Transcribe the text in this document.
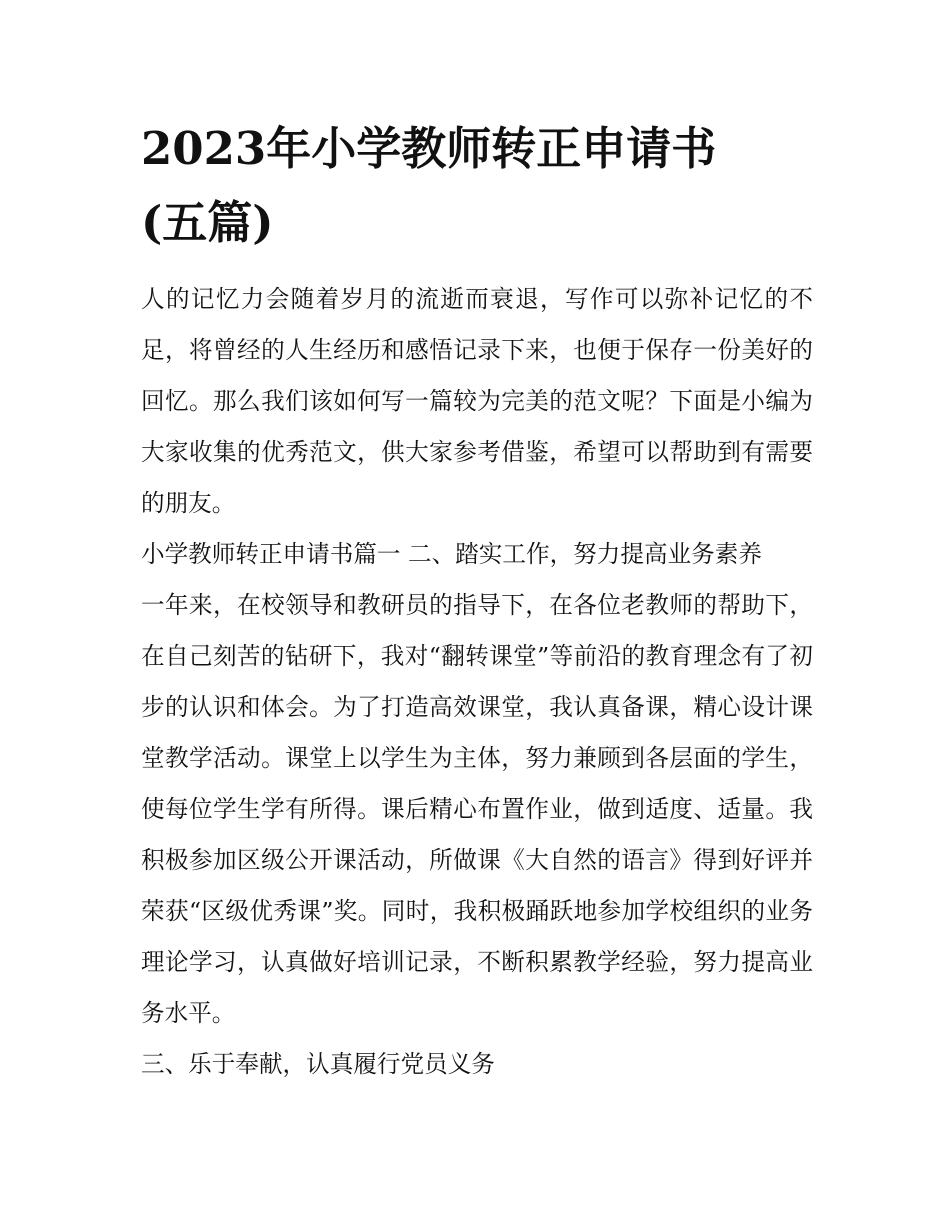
2023年小学教师转正申请书
(五篇)

人的记忆力会随着岁月的流逝而衰退，写作可以弥补记忆的不足，将曾经的人生经历和感悟记录下来，也便于保存一份美好的回忆。那么我们该如何写一篇较为完美的范文呢？下面是小编为大家收集的优秀范文，供大家参考借鉴，希望可以帮助到有需要的朋友。

小学教师转正申请书篇一 二、踏实工作，努力提高业务素养

一年来，在校领导和教研员的指导下，在各位老教师的帮助下，在自己刻苦的钻研下，我对“翻转课堂”等前沿的教育理念有了初步的认识和体会。为了打造高效课堂，我认真备课，精心设计课堂教学活动。课堂上以学生为主体，努力兼顾到各层面的学生，使每位学生学有所得。课后精心布置作业，做到适度、适量。我积极参加区级公开课活动，所做课《大自然的语言》得到好评并荣获“区级优秀课”奖。同时，我积极踊跃地参加学校组织的业务理论学习，认真做好培训记录，不断积累教学经验，努力提高业务水平。

三、乐于奉献，认真履行党员义务
